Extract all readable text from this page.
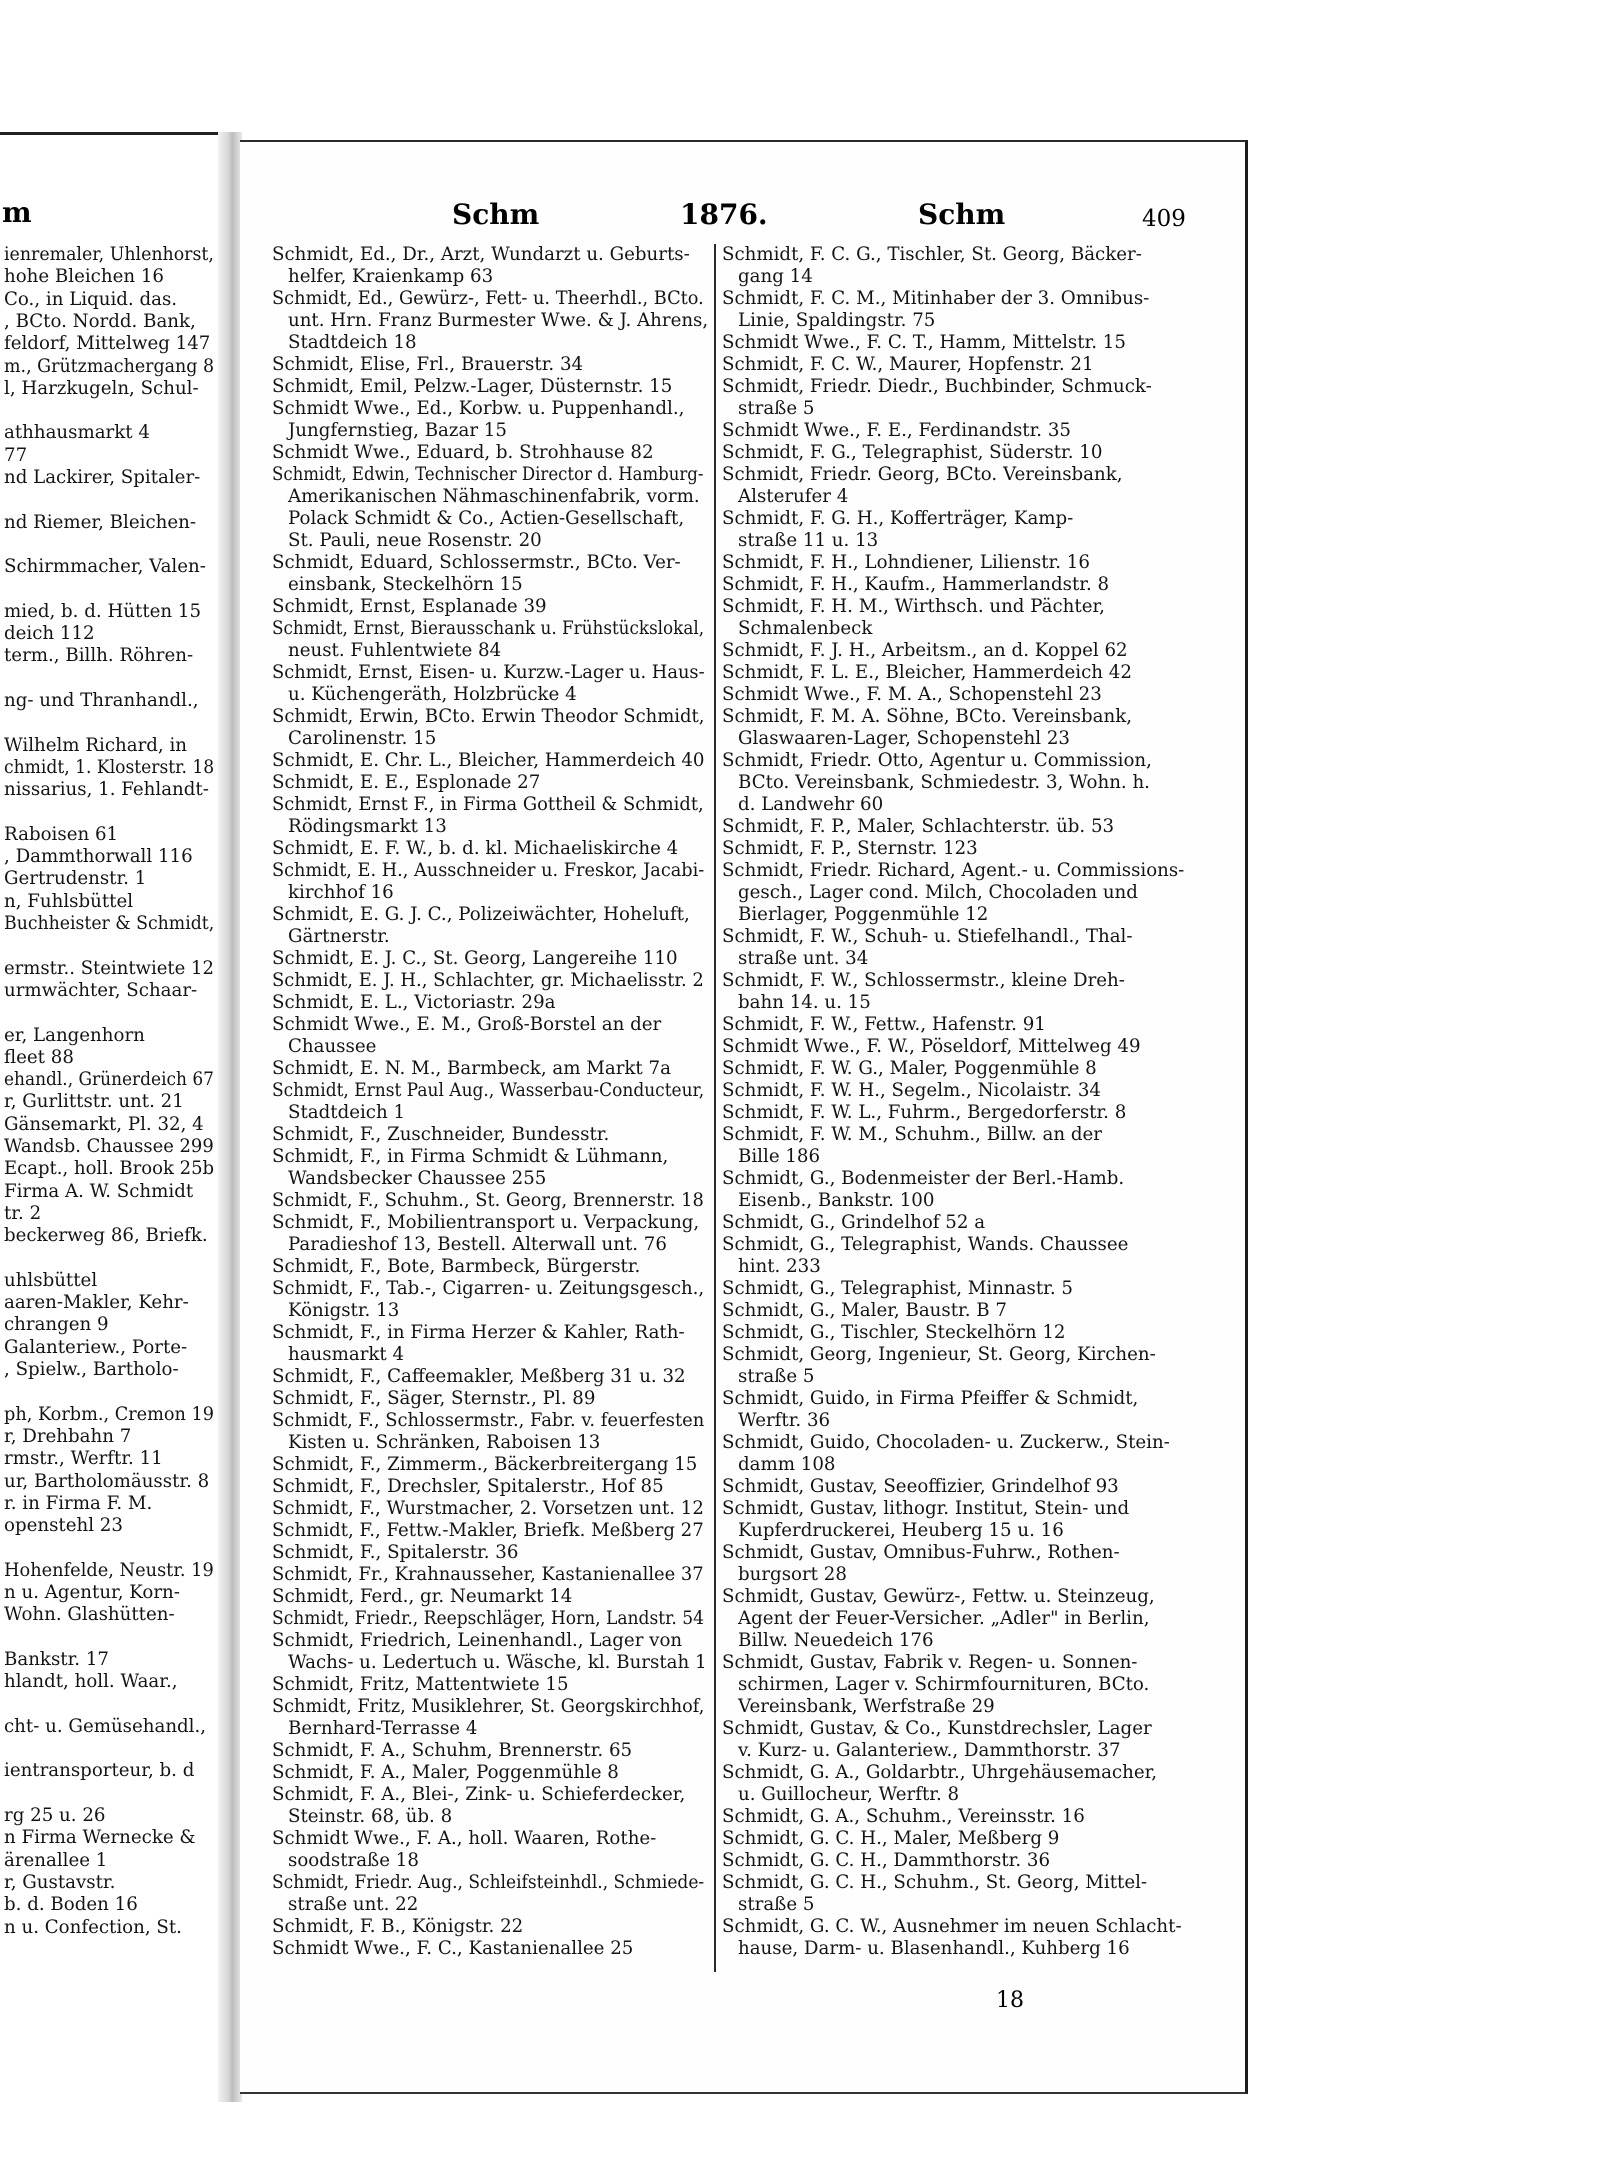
m	Schm	1876.	Schm	409
ienremaler, Uhlenhorst,
hohe Bleichen 16
Co., in Liquid. das.
, BCto. Nordd. Bank,
feldorf, Mittelweg 147
m., Grützmachergang 8
l, Harzkugeln, Schul-
athhausmarkt 4
77
nd Lackirer, Spitaler-
nd Riemer, Bleichen-
Schirmmacher, Valen-
mied, b. d. Hütten 15
deich 112
term., Billh. Röhren-
ng- und Thranhandl.,
Wilhelm Richard, in
chmidt, 1. Klosterstr. 18
nissarius, 1. Fehlandt-
Raboisen 61
, Dammthorwall 116
Gertrudenstr. 1
n, Fuhlsbüttel
Buchheister & Schmidt,
ermstr.. Steintwiete 12
urmwächter, Schaar-
er, Langenhorn
fleet 88
ehandl., Grünerdeich 67
r, Gurlittstr. unt. 21
Gänsemarkt, Pl. 32, 4
Wandsb. Chaussee 299
Ecapt., holl. Brook 25b
Firma A. W. Schmidt
tr. 2
beckerweg 86, Briefk.
uhlsbüttel
aaren-Makler, Kehr-
chrangen 9
Galanteriew., Porte-
, Spielw., Bartholo-
ph, Korbm., Cremon 19
r, Drehbahn 7
rmstr., Werftr. 11
ur, Bartholomäusstr. 8
r. in Firma F. M.
openstehl 23
Hohenfelde, Neustr. 19
n u. Agentur, Korn-
Wohn. Glashütten-
Bankstr. 17
hlandt, holl. Waar.,
cht- u. Gemüsehandl.,
ientransporteur, b. d
rg 25 u. 26
n Firma Wernecke &
ärenallee 1
r, Gustavstr.
b. d. Boden 16
n u. Confection, St.
Schmidt, Ed., Dr., Arzt, Wundarzt u. Geburts-
helfer, Kraienkamp 63
Schmidt, Ed., Gewürz-, Fett- u. Theerhdl., BCto.
unt. Hrn. Franz Burmester Wwe. & J. Ahrens,
Stadtdeich 18
Schmidt, Elise, Frl., Brauerstr. 34
Schmidt, Emil, Pelzw.-Lager, Düsternstr. 15
Schmidt Wwe., Ed., Korbw. u. Puppenhandl.,
Jungfernstieg, Bazar 15
Schmidt Wwe., Eduard, b. Strohhause 82
Schmidt, Edwin, Technischer Director d. Hamburg-
Amerikanischen Nähmaschinenfabrik, vorm.
Polack Schmidt & Co., Actien-Gesellschaft,
St. Pauli, neue Rosenstr. 20
Schmidt, Eduard, Schlossermstr., BCto. Ver-
einsbank, Steckelhörn 15
Schmidt, Ernst, Esplanade 39
Schmidt, Ernst, Bierausschank u. Frühstückslokal,
neust. Fuhlentwiete 84
Schmidt, Ernst, Eisen- u. Kurzw.-Lager u. Haus-
u. Küchengeräth, Holzbrücke 4
Schmidt, Erwin, BCto. Erwin Theodor Schmidt,
Carolinenstr. 15
Schmidt, E. Chr. L., Bleicher, Hammerdeich 40
Schmidt, E. E., Esplonade 27
Schmidt, Ernst F., in Firma Gottheil & Schmidt,
Rödingsmarkt 13
Schmidt, E. F. W., b. d. kl. Michaeliskirche 4
Schmidt, E. H., Ausschneider u. Freskor, Jacabi-
kirchhof 16
Schmidt, E. G. J. C., Polizeiwächter, Hoheluft,
Gärtnerstr.
Schmidt, E. J. C., St. Georg, Langereihe 110
Schmidt, E. J. H., Schlachter, gr. Michaelisstr. 2
Schmidt, E. L., Victoriastr. 29a
Schmidt Wwe., E. M., Groß-Borstel an der
Chaussee
Schmidt, E. N. M., Barmbeck, am Markt 7a
Schmidt, Ernst Paul Aug., Wasserbau-Conducteur,
Stadtdeich 1
Schmidt, F., Zuschneider, Bundesstr.
Schmidt, F., in Firma Schmidt & Lühmann,
Wandsbecker Chaussee 255
Schmidt, F., Schuhm., St. Georg, Brennerstr. 18
Schmidt, F., Mobilientransport u. Verpackung,
Paradieshof 13, Bestell. Alterwall unt. 76
Schmidt, F., Bote, Barmbeck, Bürgerstr.
Schmidt, F., Tab.-, Cigarren- u. Zeitungsgesch.,
Königstr. 13
Schmidt, F., in Firma Herzer & Kahler, Rath-
hausmarkt 4
Schmidt, F., Caffeemakler, Meßberg 31 u. 32
Schmidt, F., Säger, Sternstr., Pl. 89
Schmidt, F., Schlossermstr., Fabr. v. feuerfesten
Kisten u. Schränken, Raboisen 13
Schmidt, F., Zimmerm., Bäckerbreitergang 15
Schmidt, F., Drechsler, Spitalerstr., Hof 85
Schmidt, F., Wurstmacher, 2. Vorsetzen unt. 12
Schmidt, F., Fettw.-Makler, Briefk. Meßberg 27
Schmidt, F., Spitalerstr. 36
Schmidt, Fr., Krahnausseher, Kastanienallee 37
Schmidt, Ferd., gr. Neumarkt 14
Schmidt, Friedr., Reepschläger, Horn, Landstr. 54
Schmidt, Friedrich, Leinenhandl., Lager von
Wachs- u. Ledertuch u. Wäsche, kl. Burstah 1
Schmidt, Fritz, Mattentwiete 15
Schmidt, Fritz, Musiklehrer, St. Georgskirchhof,
Bernhard-Terrasse 4
Schmidt, F. A., Schuhm, Brennerstr. 65
Schmidt, F. A., Maler, Poggenmühle 8
Schmidt, F. A., Blei-, Zink- u. Schieferdecker,
Steinstr. 68, üb. 8
Schmidt Wwe., F. A., holl. Waaren, Rothe-
soodstraße 18
Schmidt, Friedr. Aug., Schleifsteinhdl., Schmiede-
straße unt. 22
Schmidt, F. B., Königstr. 22
Schmidt Wwe., F. C., Kastanienallee 25
Schmidt, F. C. G., Tischler, St. Georg, Bäcker-
gang 14
Schmidt, F. C. M., Mitinhaber der 3. Omnibus-
Linie, Spaldingstr. 75
Schmidt Wwe., F. C. T., Hamm, Mittelstr. 15
Schmidt, F. C. W., Maurer, Hopfenstr. 21
Schmidt, Friedr. Diedr., Buchbinder, Schmuck-
straße 5
Schmidt Wwe., F. E., Ferdinandstr. 35
Schmidt, F. G., Telegraphist, Süderstr. 10
Schmidt, Friedr. Georg, BCto. Vereinsbank,
Alsterufer 4
Schmidt, F. G. H., Kofferträger, Kamp-
straße 11 u. 13
Schmidt, F. H., Lohndiener, Lilienstr. 16
Schmidt, F. H., Kaufm., Hammerlandstr. 8
Schmidt, F. H. M., Wirthsch. und Pächter,
Schmalenbeck
Schmidt, F. J. H., Arbeitsm., an d. Koppel 62
Schmidt, F. L. E., Bleicher, Hammerdeich 42
Schmidt Wwe., F. M. A., Schopenstehl 23
Schmidt, F. M. A. Söhne, BCto. Vereinsbank,
Glaswaaren-Lager, Schopenstehl 23
Schmidt, Friedr. Otto, Agentur u. Commission,
BCto. Vereinsbank, Schmiedestr. 3, Wohn. h.
d. Landwehr 60
Schmidt, F. P., Maler, Schlachterstr. üb. 53
Schmidt, F. P., Sternstr. 123
Schmidt, Friedr. Richard, Agent.- u. Commissions-
gesch., Lager cond. Milch, Chocoladen und
Bierlager, Poggenmühle 12
Schmidt, F. W., Schuh- u. Stiefelhandl., Thal-
straße unt. 34
Schmidt, F. W., Schlossermstr., kleine Dreh-
bahn 14. u. 15
Schmidt, F. W., Fettw., Hafenstr. 91
Schmidt Wwe., F. W., Pöseldorf, Mittelweg 49
Schmidt, F. W. G., Maler, Poggenmühle 8
Schmidt, F. W. H., Segelm., Nicolaistr. 34
Schmidt, F. W. L., Fuhrm., Bergedorferstr. 8
Schmidt, F. W. M., Schuhm., Billw. an der
Bille 186
Schmidt, G., Bodenmeister der Berl.-Hamb.
Eisenb., Bankstr. 100
Schmidt, G., Grindelhof 52 a
Schmidt, G., Telegraphist, Wands. Chaussee
hint. 233
Schmidt, G., Telegraphist, Minnastr. 5
Schmidt, G., Maler, Baustr. B 7
Schmidt, G., Tischler, Steckelhörn 12
Schmidt, Georg, Ingenieur, St. Georg, Kirchen-
straße 5
Schmidt, Guido, in Firma Pfeiffer & Schmidt,
Werftr. 36
Schmidt, Guido, Chocoladen- u. Zuckerw., Stein-
damm 108
Schmidt, Gustav, Seeoffizier, Grindelhof 93
Schmidt, Gustav, lithogr. Institut, Stein- und
Kupferdruckerei, Heuberg 15 u. 16
Schmidt, Gustav, Omnibus-Fuhrw., Rothen-
burgsort 28
Schmidt, Gustav, Gewürz-, Fettw. u. Steinzeug,
Agent der Feuer-Versicher. „Adler" in Berlin,
Billw. Neuedeich 176
Schmidt, Gustav, Fabrik v. Regen- u. Sonnen-
schirmen, Lager v. Schirmfournituren, BCto.
Vereinsbank, Werfstraße 29
Schmidt, Gustav, & Co., Kunstdrechsler, Lager
v. Kurz- u. Galanteriew., Dammthorstr. 37
Schmidt, G. A., Goldarbtr., Uhrgehäusemacher,
u. Guillocheur, Werftr. 8
Schmidt, G. A., Schuhm., Vereinsstr. 16
Schmidt, G. C. H., Maler, Meßberg 9
Schmidt, G. C. H., Dammthorstr. 36
Schmidt, G. C. H., Schuhm., St. Georg, Mittel-
straße 5
Schmidt, G. C. W., Ausnehmer im neuen Schlacht-
hause, Darm- u. Blasenhandl., Kuhberg 16
18
